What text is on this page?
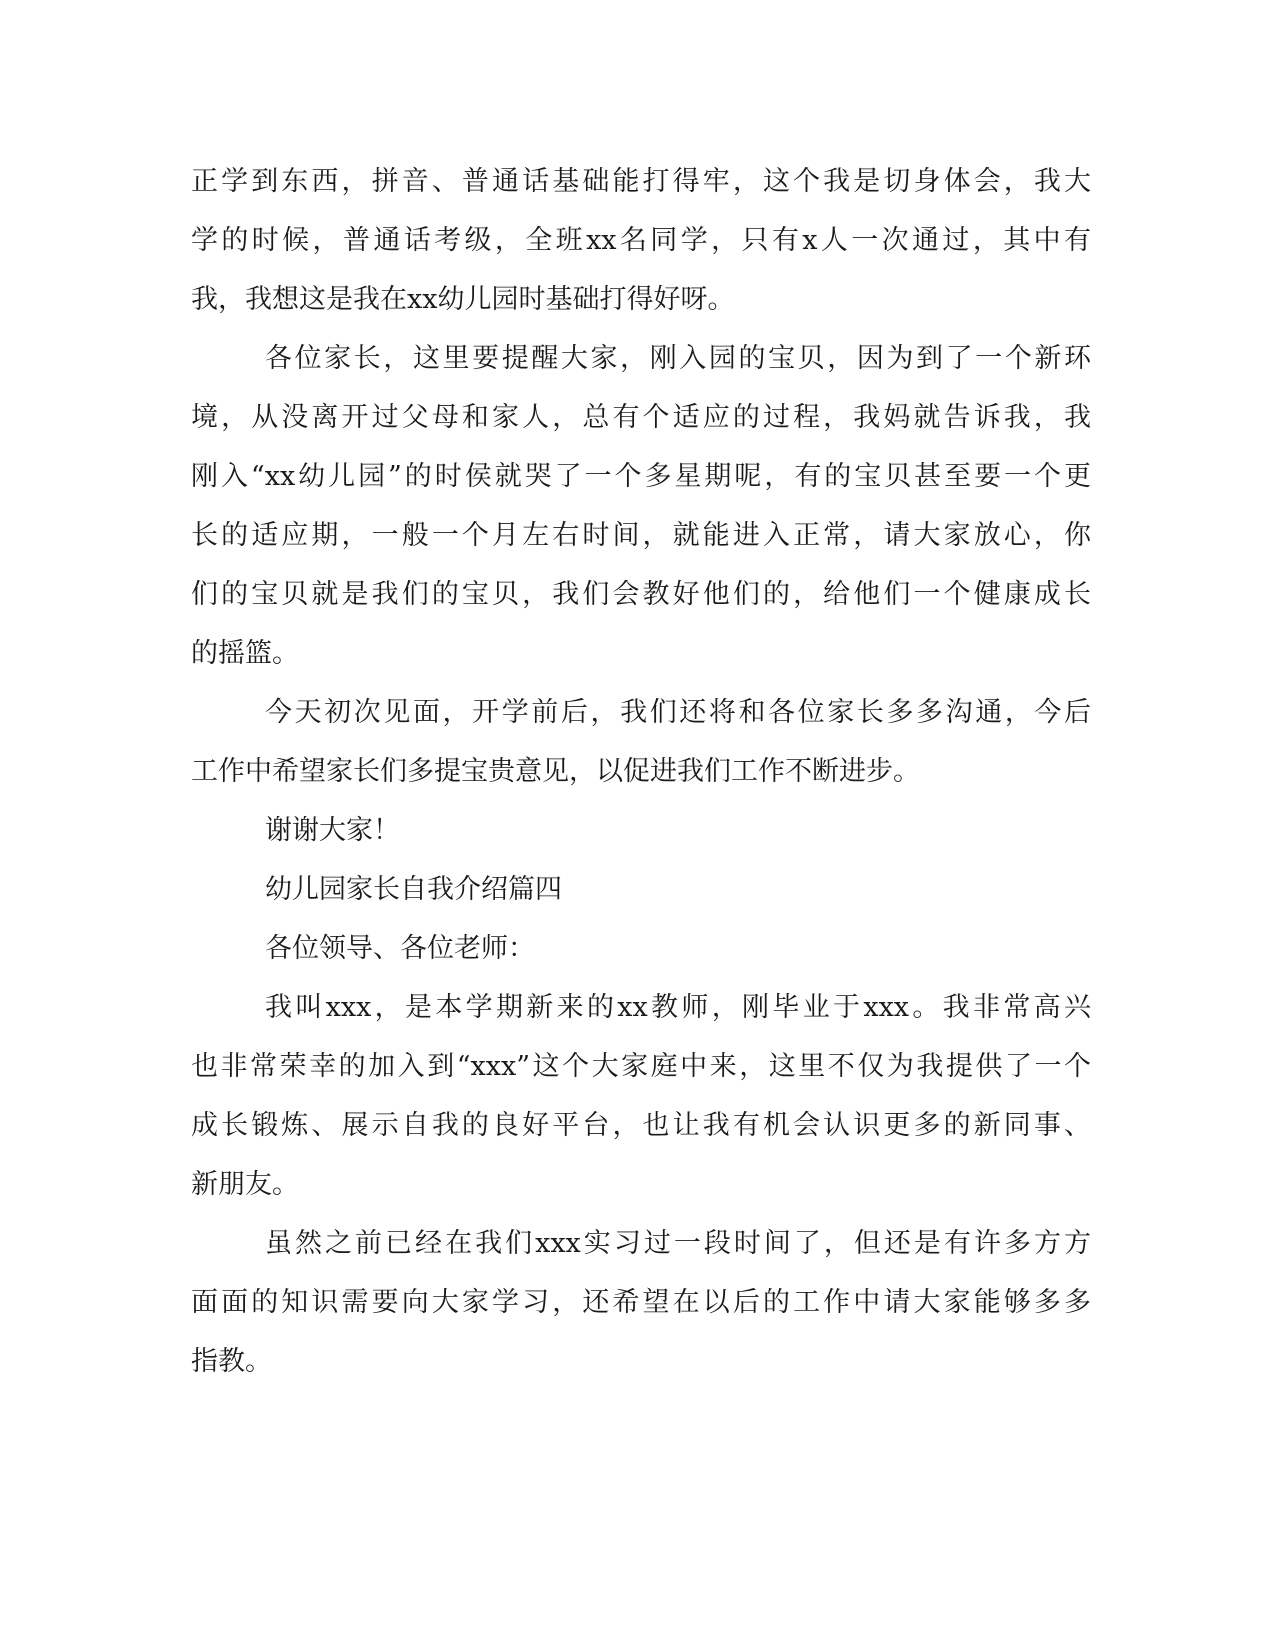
正学到东西，拼音、普通话基础能打得牢，这个我是切身体会，我大

学的时候，普通话考级，全班xx名同学，只有x人一次通过，其中有

我，我想这是我在xx幼儿园时基础打得好呀。

各位家长，这里要提醒大家，刚入园的宝贝，因为到了一个新环

境，从没离开过父母和家人，总有个适应的过程，我妈就告诉我，我

刚入“xx幼儿园”的时侯就哭了一个多星期呢，有的宝贝甚至要一个更

长的适应期，一般一个月左右时间，就能进入正常，请大家放心，你

们的宝贝就是我们的宝贝，我们会教好他们的，给他们一个健康成长

的摇篮。

今天初次见面，开学前后，我们还将和各位家长多多沟通，今后

工作中希望家长们多提宝贵意见，以促进我们工作不断进步。

谢谢大家！

幼儿园家长自我介绍篇四

各位领导、各位老师：

我叫xxx，是本学期新来的xx教师，刚毕业于xxx。我非常高兴

也非常荣幸的加入到“xxx”这个大家庭中来，这里不仅为我提供了一个

成长锻炼、展示自我的良好平台，也让我有机会认识更多的新同事、

新朋友。

虽然之前已经在我们xxx实习过一段时间了，但还是有许多方方

面面的知识需要向大家学习，还希望在以后的工作中请大家能够多多

指教。
